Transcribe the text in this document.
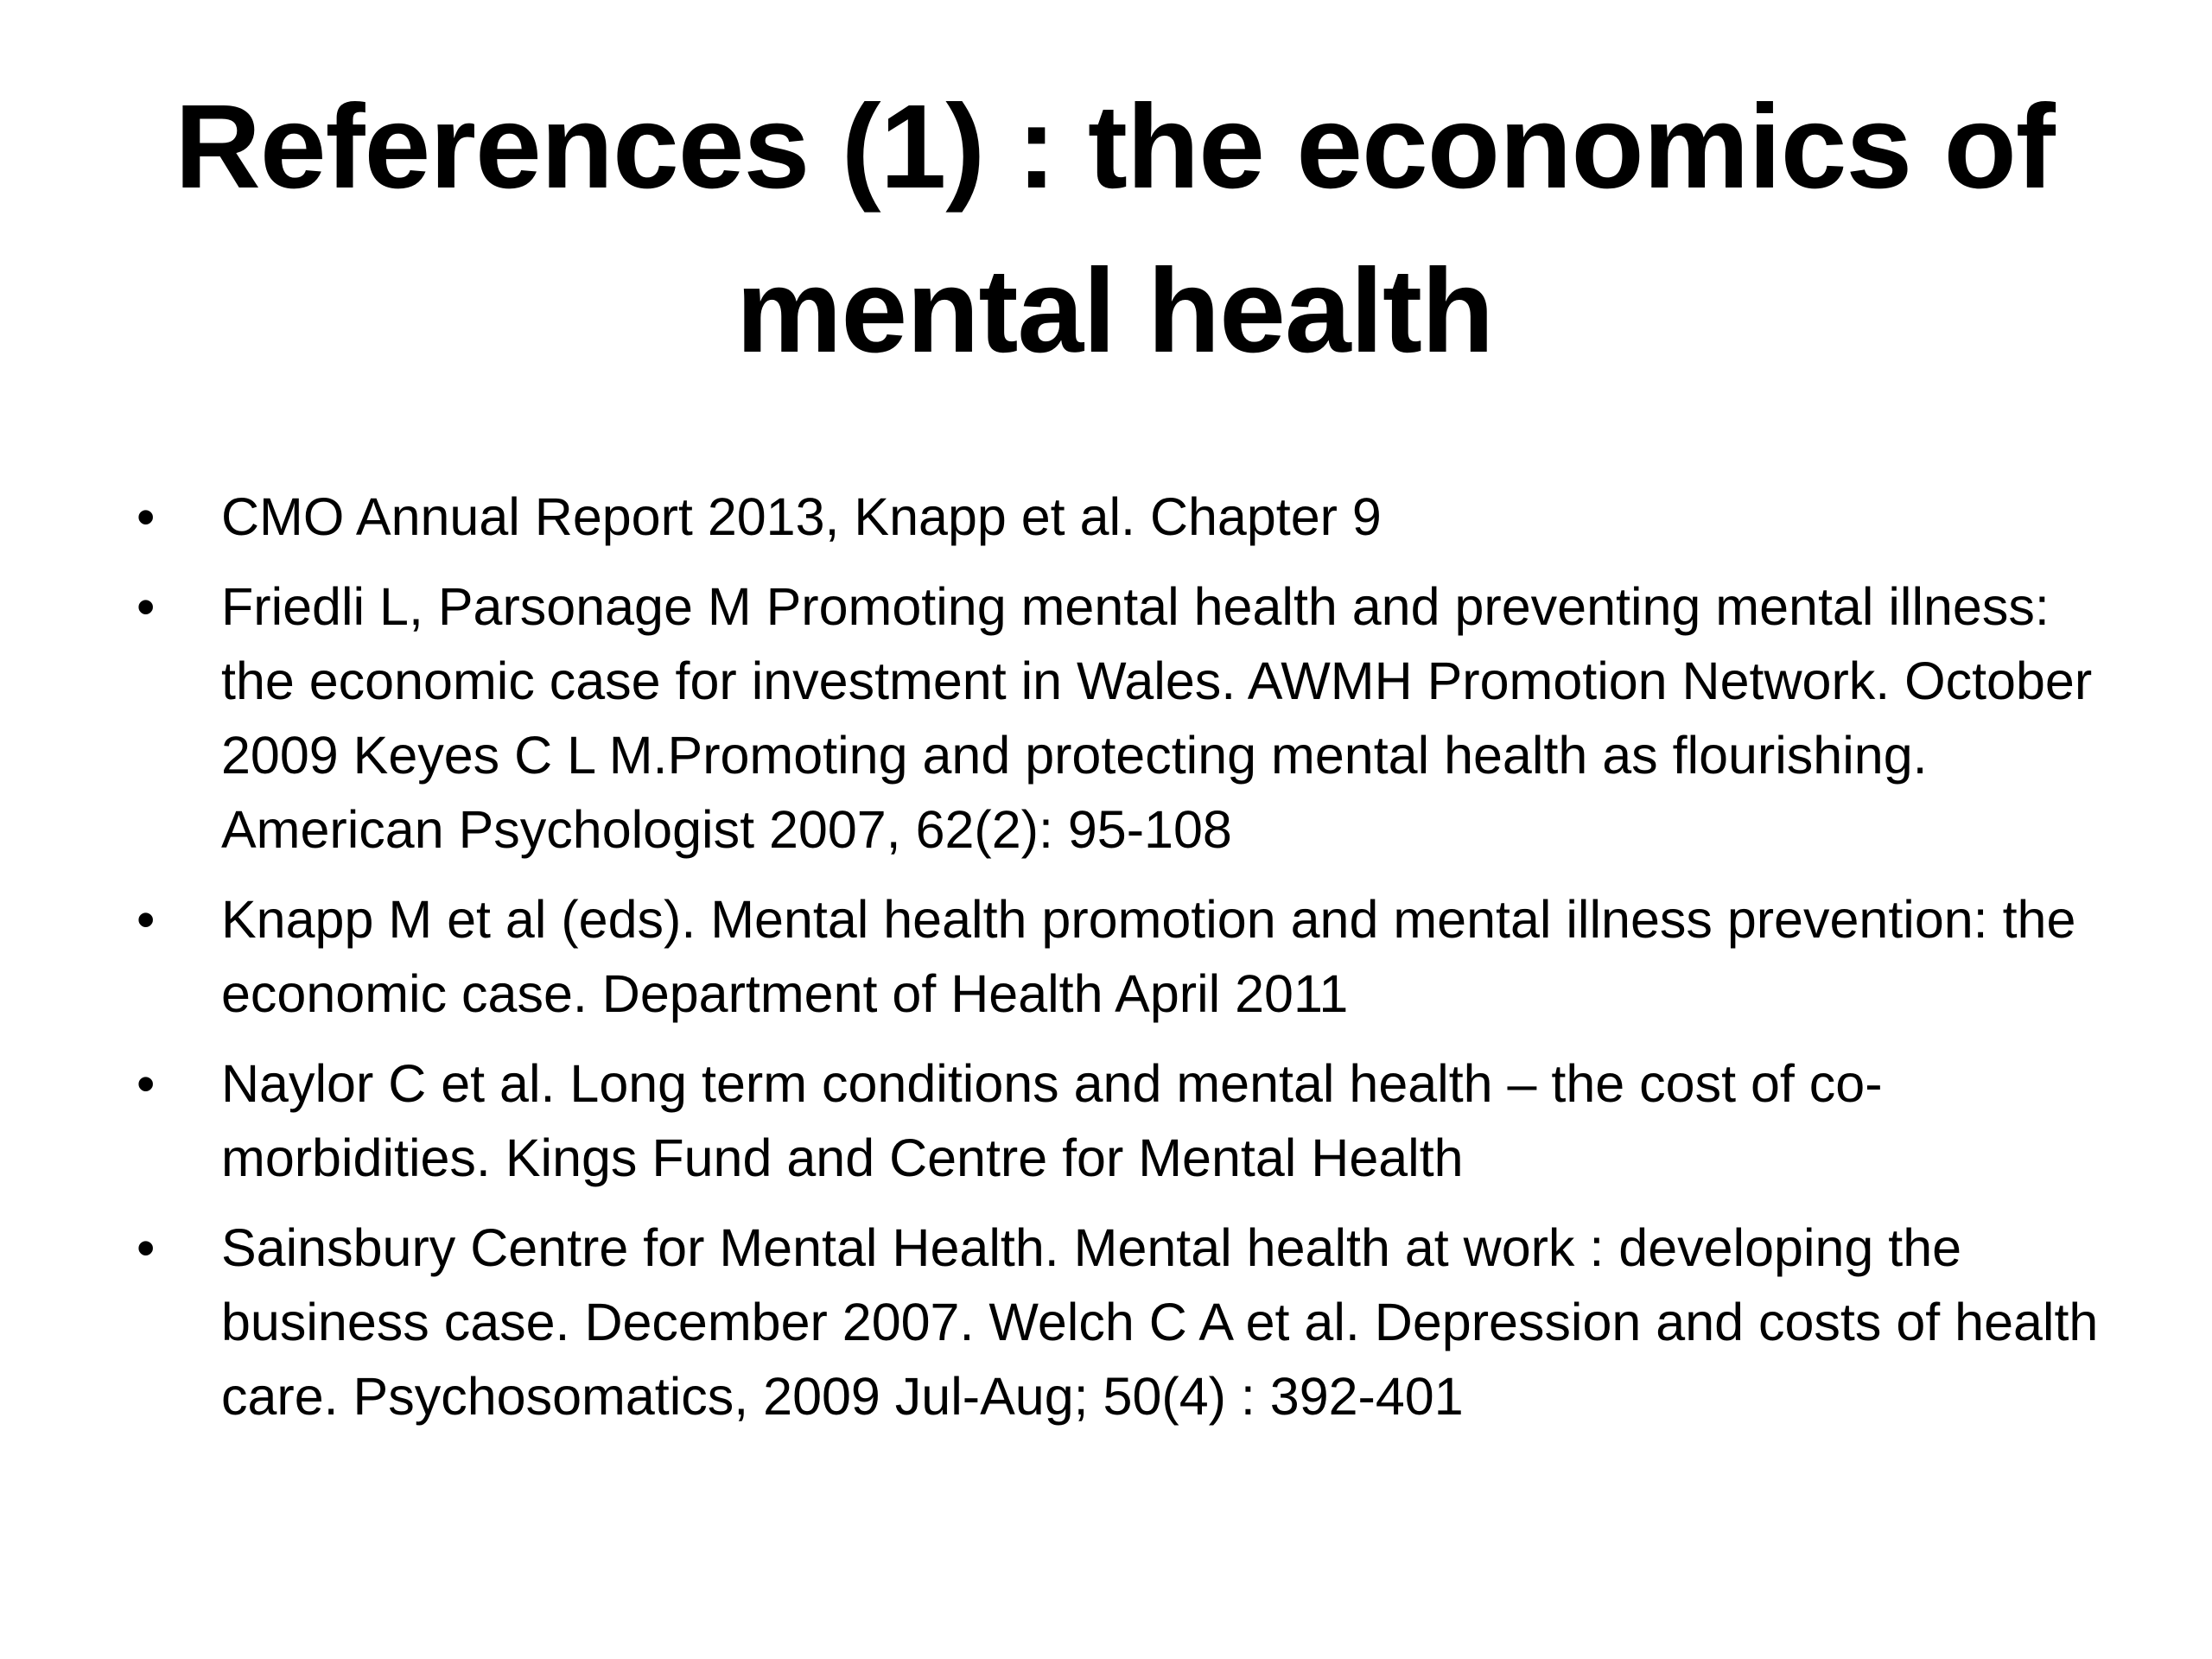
References (1) : the economics of mental health
• CMO Annual Report 2013, Knapp et al. Chapter 9
• Friedli L, Parsonage M Promoting mental health and preventing mental illness: the economic case for investment in Wales. AWMH Promotion Network. October 2009 Keyes C L M.Promoting and protecting mental health as flourishing. American Psychologist 2007, 62(2): 95-108
• Knapp M et al (eds). Mental health promotion and mental illness prevention: the economic case. Department of Health April 2011
• Naylor C et al. Long term conditions and mental health – the cost of co-morbidities. Kings Fund and Centre for Mental Health
• Sainsbury Centre for Mental Health. Mental health at work : developing the business case. December 2007. Welch C A et al. Depression and costs of health care. Psychosomatics, 2009 Jul-Aug; 50(4) : 392-401
